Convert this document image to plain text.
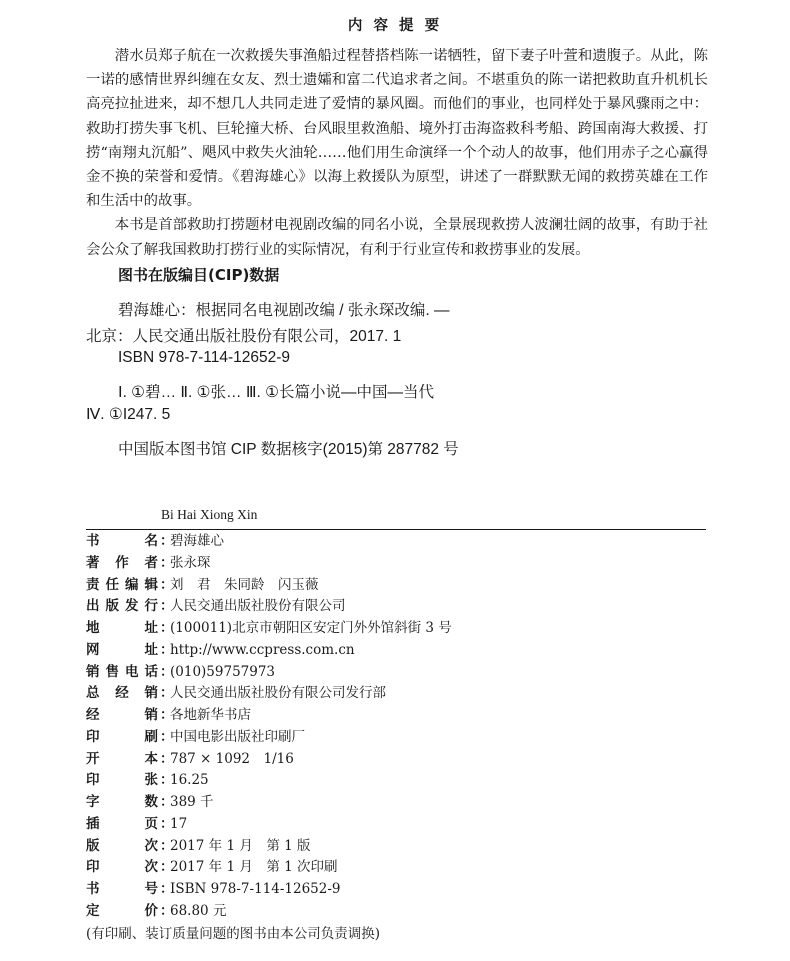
内 容 提 要

潜水员郑子航在一次救援失事渔船过程替搭档陈一诺牺牲，留下妻子叶萱和遗腹子。从此，陈一诺的感情世界纠缠在女友、烈士遗孀和富二代追求者之间。不堪重负的陈一诺把救助直升机机长高亮拉扯进来，却不想几人共同走进了爱情的暴风圈。而他们的事业，也同样处于暴风骤雨之中：救助打捞失事飞机、巨轮撞大桥、台风眼里救渔船、境外打击海盗救科考船、跨国南海大救援、打捞“南翔丸沉船”、飓风中救失火油轮……他们用生命演绎一个个动人的故事，他们用赤子之心赢得金不换的荣誉和爱情。《碧海雄心》以海上救援队为原型，讲述了一群默默无闻的救捞英雄在工作和生活中的故事。

本书是首部救助打捞题材电视剧改编的同名小说，全景展现救捞人波澜壮阔的故事，有助于社会公众了解我国救助打捞行业的实际情况，有利于行业宣传和救捞事业的发展。

图书在版编目(CIP)数据
碧海雄心：根据同名电视剧改编 / 张永琛改编. —
北京：人民交通出版社股份有限公司，2017. 1
ISBN 978-7-114-12652-9
Ⅰ. ①碧… Ⅱ. ①张… Ⅲ. ①长篇小说—中国—当代
Ⅳ. ①I247. 5
中国版本图书馆 CIP 数据核字(2015)第 287782 号
Bi Hai Xiong Xin
书名 ：
碧海雄心
著作者 ：
张永琛
责任编辑 ：
刘　君　朱同龄　闪玉薇
出版发行 ：
人民交通出版社股份有限公司
地址 ：
(100011)北京市朝阳区安定门外外馆斜街 3 号
网址 ：
http://www.ccpress.com.cn
销售电话 ：
(010)59757973
总经销 ：
人民交通出版社股份有限公司发行部
经销 ：
各地新华书店
印刷 ：
中国电影出版社印刷厂
开本 ：
787 × 1092　1/16
印张 ：
16.25
字数 ：
389 千
插页 ：
17
版次 ：
2017 年 1 月　第 1 版
印次 ：
2017 年 1 月　第 1 次印刷
书号 ：
ISBN 978-7-114-12652-9
定价 ：
68.80 元
(有印刷、装订质量问题的图书由本公司负责调换)
